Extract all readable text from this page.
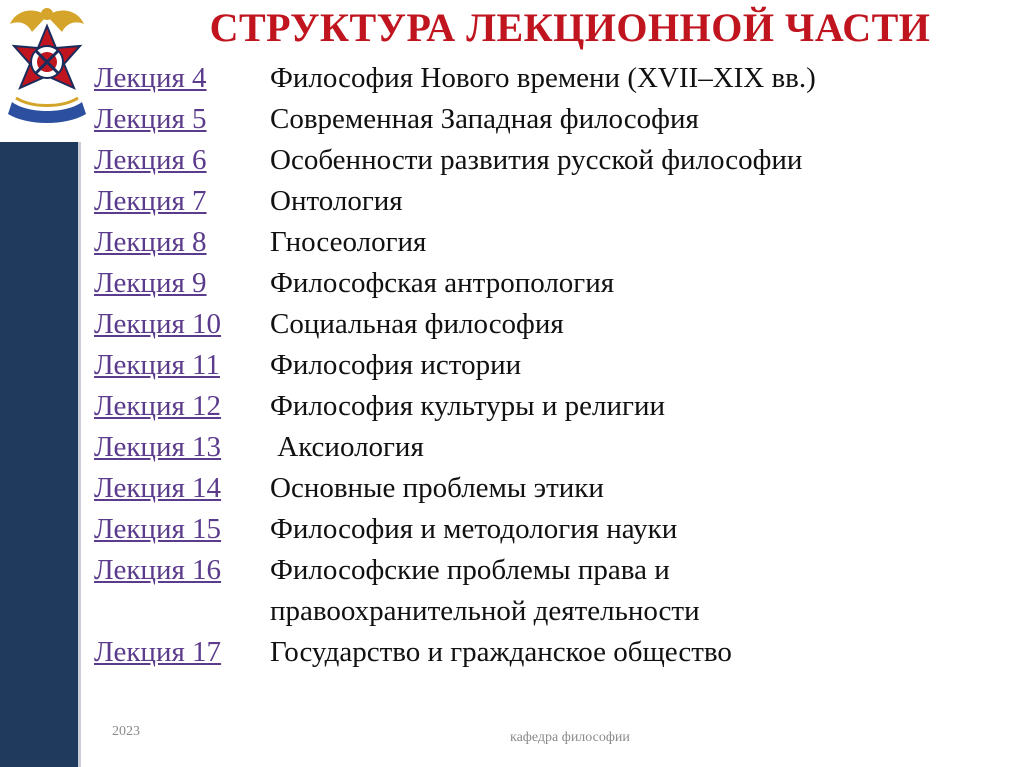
СТРУКТУРА ЛЕКЦИОННОЙ ЧАСТИ
Лекция 4	Философия Нового времени (XVII–XIX вв.)
Лекция 5	Современная Западная философия
Лекция 6	Особенности развития русской философии
Лекция 7	Онтология
Лекция 8	Гносеология
Лекция 9	Философская антропология
Лекция 10	Социальная философия
Лекция 11	Философия истории
Лекция 12	Философия культуры и религии
Лекция 13	Аксиология
Лекция 14	Основные проблемы этики
Лекция 15	Философия и методология науки
Лекция 16	Философские проблемы права и
правоохранительной деятельности
Лекция 17	Государство и гражданское общество
2023	кафедра философии
